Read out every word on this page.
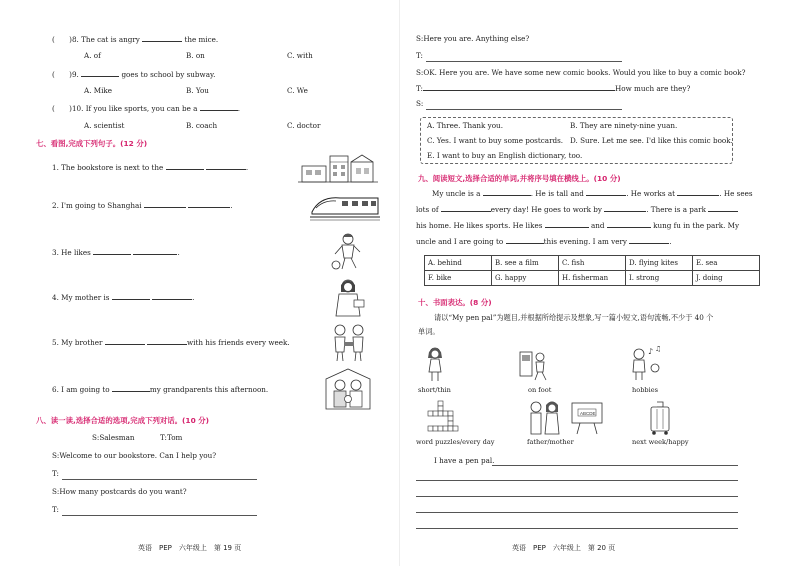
(　　)8. The cat is angry	the mice.
A. of	B. on	C. with
(　　)9.	goes to school by subway.
A. Mike	B. You	C. We
(　　)10. If you like sports, you can be a	.
A. scientist	B. coach	C. doctor
七、看图,完成下列句子。(12 分)
1. The bookstore is next to the	.
2. I'm going to Shanghai	.
3. He likes	.
4. My mother is	.
5. My brother	with his friends every week.
6. I am going to	my grandparents this afternoon.
八、读一读,选择合适的选项,完成下列对话。(10 分)
S:Salesman	T:Tom
S:Welcome to our bookstore. Can I help you?
T:
S:How many postcards do you want?
T:
英语　PEP　六年级上　第 19 页
S:Here you are. Anything else?
T:
S:OK. Here you are. We have some new comic books. Would you like to buy a comic book?
T:	How much are they?
S:
A. Three. Thank you.	B. They are ninety-nine yuan.
C. Yes. I want to buy some postcards. D. Sure. Let me see. I'd like this comic book.
E. I want to buy an English dictionary, too.
九、阅读短文,选择合适的单词,并将序号填在横线上。(10 分)
My uncle is a	. He is tall and	. He works at	. He sees
lots of	every day! He goes to work by	. There is a park
his home. He likes sports. He likes	and	kung fu in the park. My
uncle and I are going to	this evening. I am very	.
A. behind	B. see a film	C. fish	D. flying kites	E. sea
F. bike	G. happy	H. fisherman	I. strong	J. doing
十、书面表达。(8 分)
请以“My pen pal”为题目,并根据所给提示及想象,写一篇小短文,语句流畅,不少于 40 个
单词。
short/thin	on foot
♪ ♫
hobbies
word puzzles/every day	father/mother
ABCDE
next week/happy
I have a pen pal.
英语　PEP　六年级上　第 20 页
